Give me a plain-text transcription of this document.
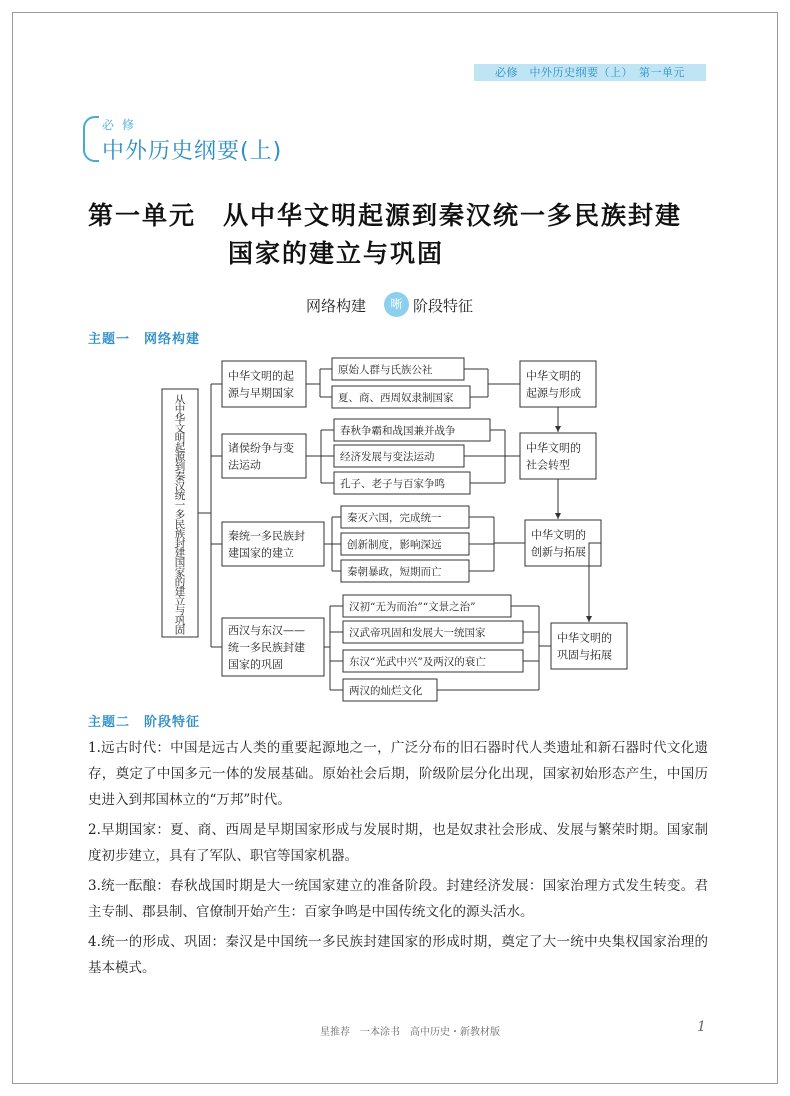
必修　中外历史纲要（上）　第一单元
必修
中外历史纲要(上)
第一单元　从中华文明起源到秦汉统一多民族封建
国家的建立与巩固
网络构建	晰 阶段特征
主题一　网络构建
从
中
华
文
明
起
源
到
秦
汉
统
一
多
民
族
封
建
国
家
的
建
立
与
巩
固
中华文明的起
源与早期国家
原始人群与氏族公社
夏、商、西周奴隶制国家
中华文明的
起源与形成
诸侯纷争与变
法运动
春秋争霸和战国兼并战争
经济发展与变法运动
孔子、老子与百家争鸣
中华文明的
社会转型
秦统一多民族封
建国家的建立
秦灭六国，完成统一
创新制度，影响深远
秦朝暴政，短期而亡
中华文明的
创新与拓展
西汉与东汉——
统一多民族封建
国家的巩固
汉初“无为而治”“文景之治”
汉武帝巩固和发展大一统国家
东汉“光武中兴”及两汉的衰亡
两汉的灿烂文化
中华文明的
巩固与拓展
主题二　阶段特征
1.远古时代：中国是远古人类的重要起源地之一，广泛分布的旧石器时代人类遗址和新石器时代文化遗存，奠定了中国多元一体的发展基础。原始社会后期，阶级阶层分化出现，国家初始形态产生，中国历史进入到邦国林立的“万邦”时代。
2.早期国家：夏、商、西周是早期国家形成与发展时期，也是奴隶社会形成、发展与繁荣时期。国家制度初步建立，具有了军队、职官等国家机器。
3.统一酝酿：春秋战国时期是大一统国家建立的准备阶段。封建经济发展：国家治理方式发生转变。君主专制、郡县制、官僚制开始产生：百家争鸣是中国传统文化的源头活水。
4.统一的形成、巩固：秦汉是中国统一多民族封建国家的形成时期，奠定了大一统中央集权国家治理的基本模式。
星推荐　一本涂书　高中历史・新教材版	1
